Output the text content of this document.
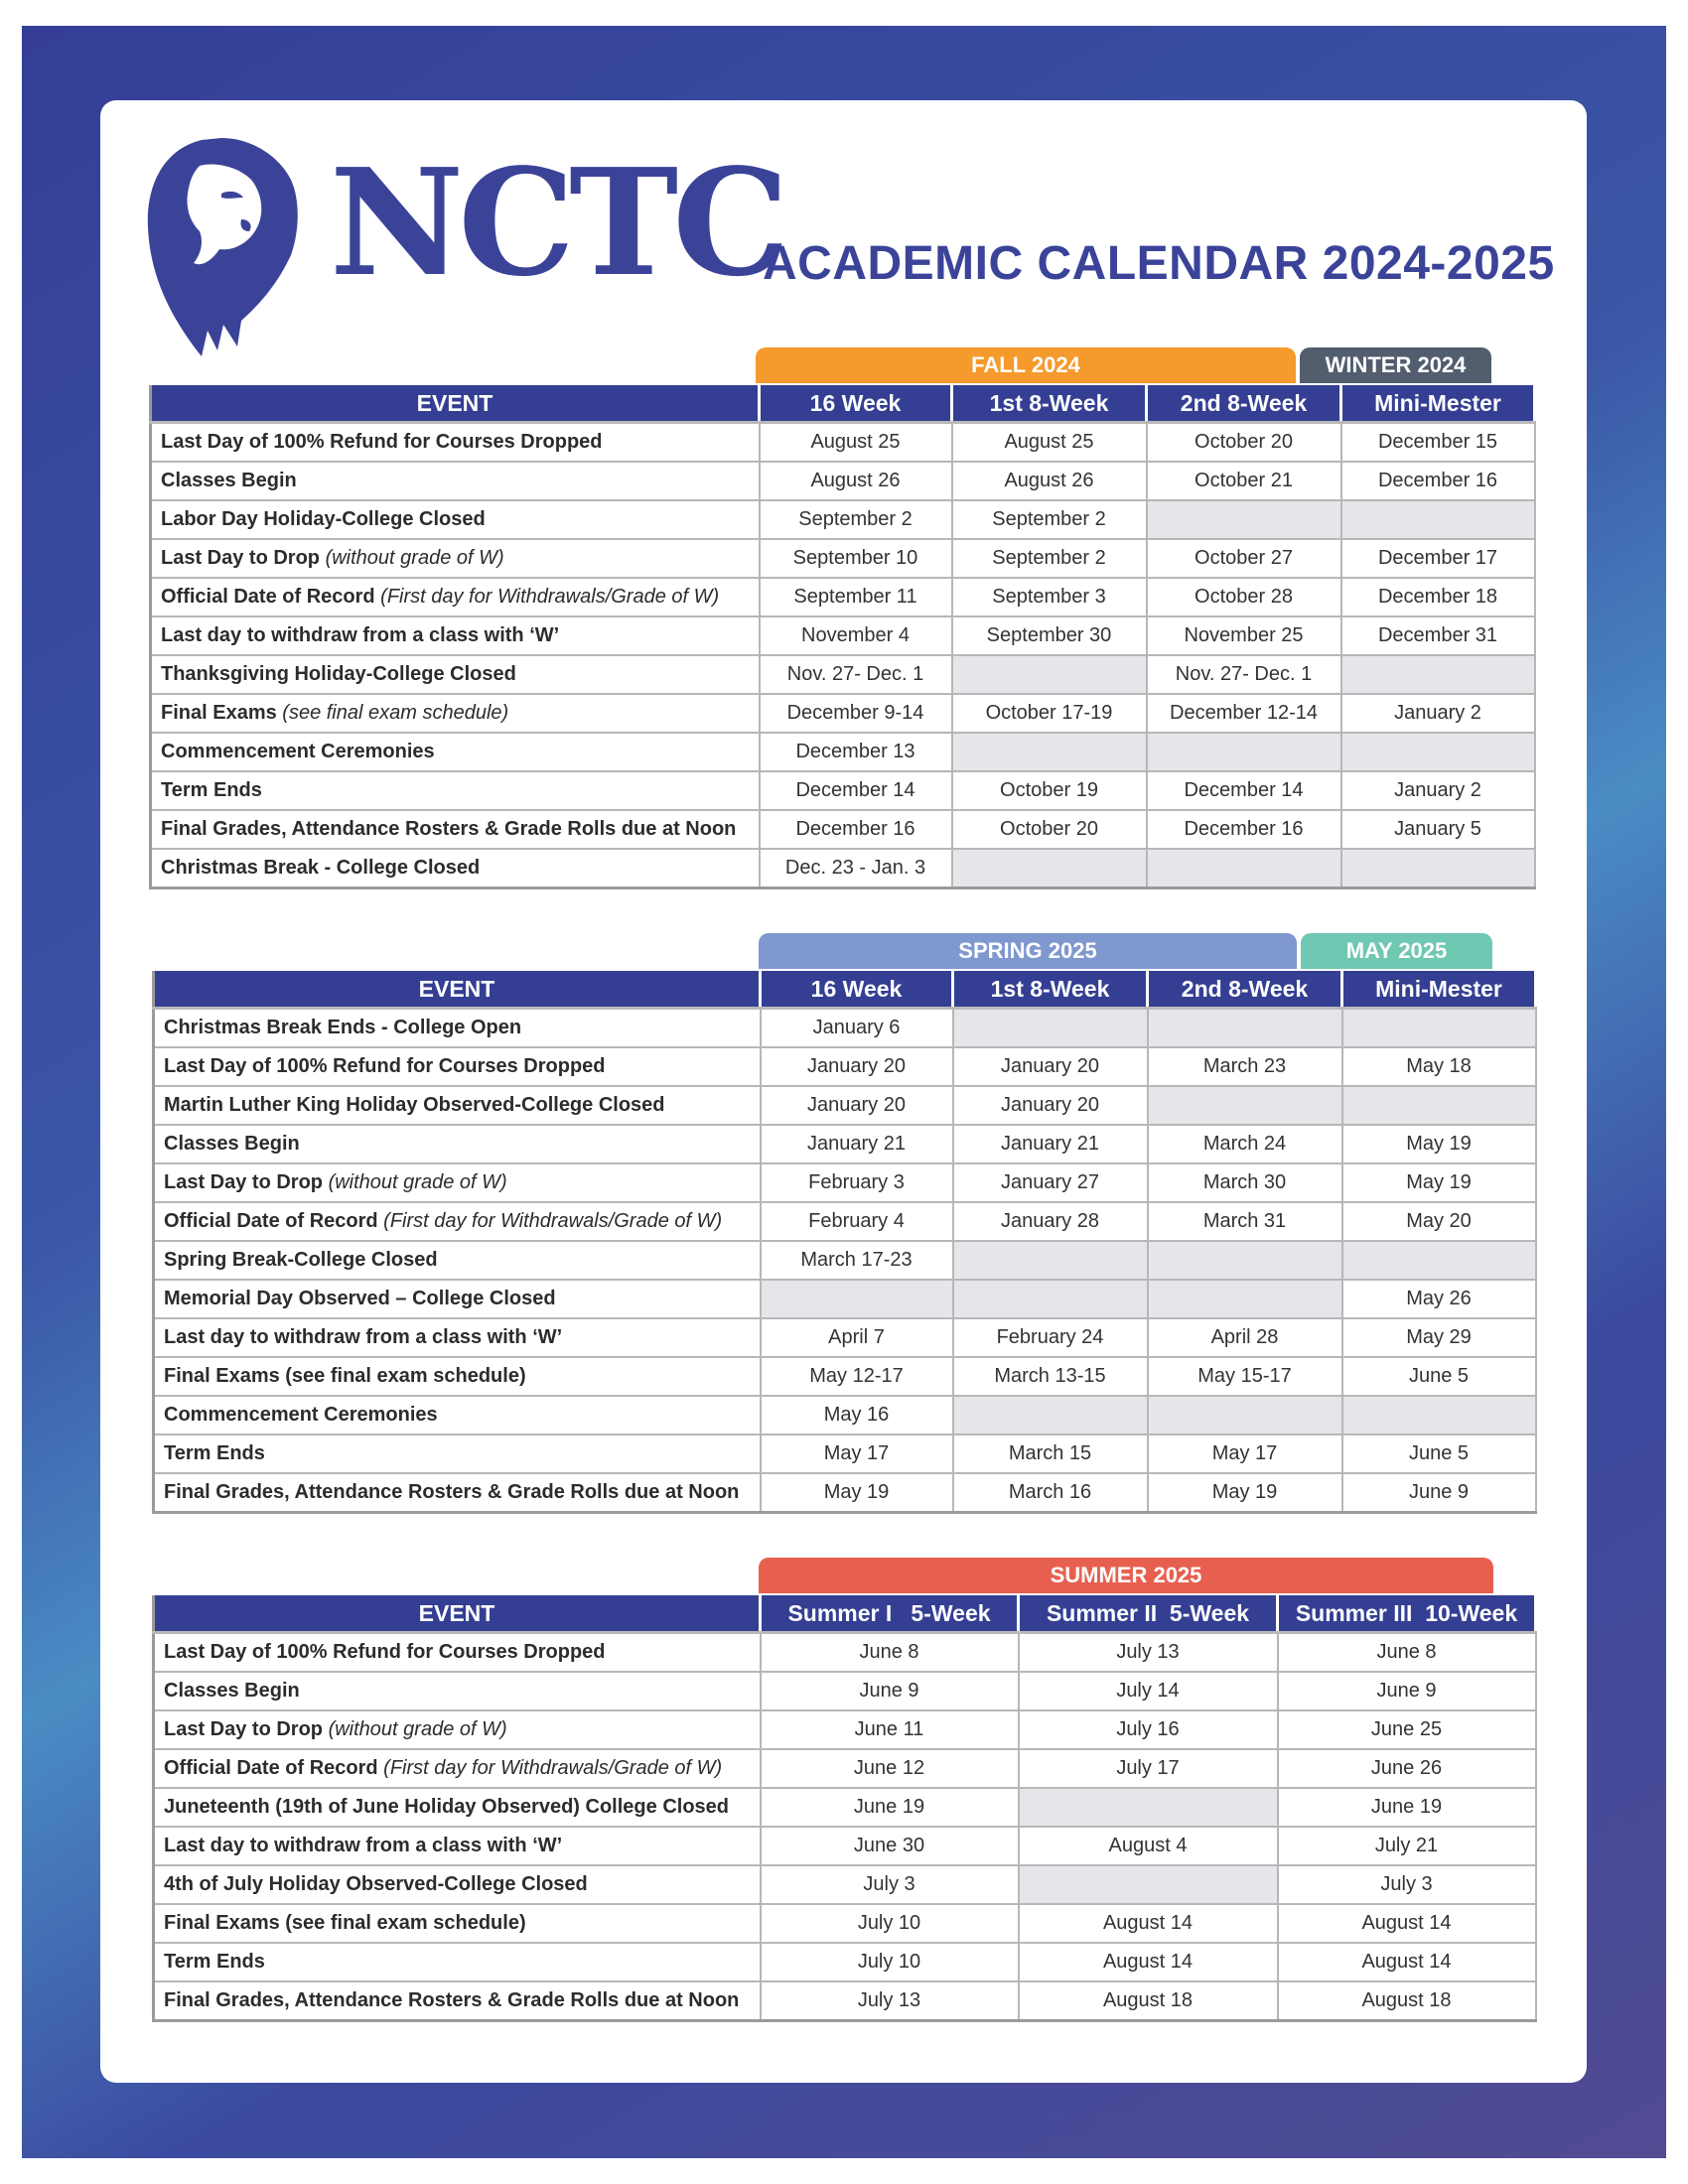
NCTC
ACADEMIC CALENDAR 2024-2025
FALL 2024	WINTER 2024
EVENT	16 Week	1st 8-Week	2nd 8-Week	Mini-Mester
Last Day of 100% Refund for Courses Dropped	August 25	August 25	October 20	December 15
Classes Begin	August 26	August 26	October 21	December 16
Labor Day Holiday-College Closed	September 2	September 2		
Last Day to Drop (without grade of W)	September 10	September 2	October 27	December 17
Official Date of Record (First day for Withdrawals/Grade of W)	September 11	September 3	October 28	December 18
Last day to withdraw from a class with ‘W’	November 4	September 30	November 25	December 31
Thanksgiving Holiday-College Closed	Nov. 27- Dec. 1		Nov. 27- Dec. 1	
Final Exams (see final exam schedule)	December 9-14	October 17-19	December 12-14	January 2
Commencement Ceremonies	December 13			
Term Ends	December 14	October 19	December 14	January 2
Final Grades, Attendance Rosters & Grade Rolls due at Noon	December 16	October 20	December 16	January 5
Christmas Break - College Closed	Dec. 23 - Jan. 3			
SPRING 2025	MAY 2025
EVENT	16 Week	1st 8-Week	2nd 8-Week	Mini-Mester
Christmas Break Ends - College Open	January 6			
Last Day of 100% Refund for Courses Dropped	January 20	January 20	March 23	May 18
Martin Luther King Holiday Observed-College Closed	January 20	January 20		
Classes Begin	January 21	January 21	March 24	May 19
Last Day to Drop (without grade of W)	February 3	January 27	March 30	May 19
Official Date of Record (First day for Withdrawals/Grade of W)	February 4	January 28	March 31	May 20
Spring Break-College Closed	March 17-23			
Memorial Day Observed – College Closed				May 26
Last day to withdraw from a class with ‘W’	April 7	February 24	April 28	May 29
Final Exams (see final exam schedule)	May 12-17	March 13-15	May 15-17	June 5
Commencement Ceremonies	May 16			
Term Ends	May 17	March 15	May 17	June 5
Final Grades, Attendance Rosters & Grade Rolls due at Noon	May 19	March 16	May 19	June 9
SUMMER 2025
EVENT	Summer I   5-Week	Summer II  5-Week	Summer III  10-Week
Last Day of 100% Refund for Courses Dropped	June 8	July 13	June 8
Classes Begin	June 9	July 14	June 9
Last Day to Drop (without grade of W)	June 11	July 16	June 25
Official Date of Record (First day for Withdrawals/Grade of W)	June 12	July 17	June 26
Juneteenth (19th of June Holiday Observed) College Closed	June 19		June 19
Last day to withdraw from a class with ‘W’	June 30	August 4	July 21
4th of July Holiday Observed-College Closed	July 3		July 3
Final Exams (see final exam schedule)	July 10	August 14	August 14
Term Ends	July 10	August 14	August 14
Final Grades, Attendance Rosters & Grade Rolls due at Noon	July 13	August 18	August 18
